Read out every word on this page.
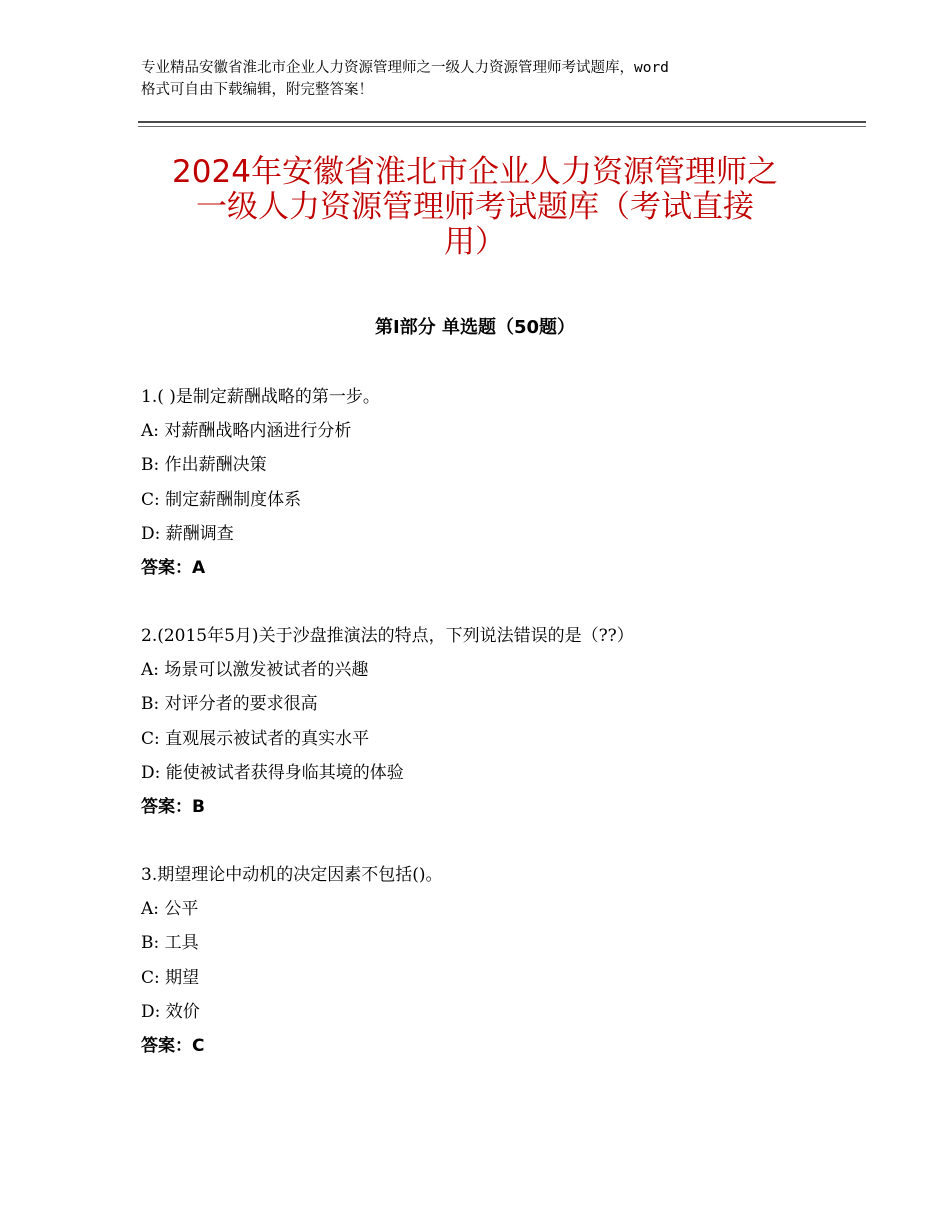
专业精品安徽省淮北市企业人力资源管理师之一级人力资源管理师考试题库，word
格式可自由下载编辑，附完整答案！
2024年安徽省淮北市企业人力资源管理师之
一级人力资源管理师考试题库（考试直接
用）
第Ⅰ部分 单选题（50题）
1.( )是制定薪酬战略的第一步。
A: 对薪酬战略内涵进行分析
B: 作出薪酬决策
C: 制定薪酬制度体系
D: 薪酬调查
答案：A
2.(2015年5月)关于沙盘推演法的特点，下列说法错误的是（??）
A: 场景可以激发被试者的兴趣
B: 对评分者的要求很高
C: 直观展示被试者的真实水平
D: 能使被试者获得身临其境的体验
答案：B
3.期望理论中动机的决定因素不包括()。
A: 公平
B: 工具
C: 期望
D: 效价
答案：C
